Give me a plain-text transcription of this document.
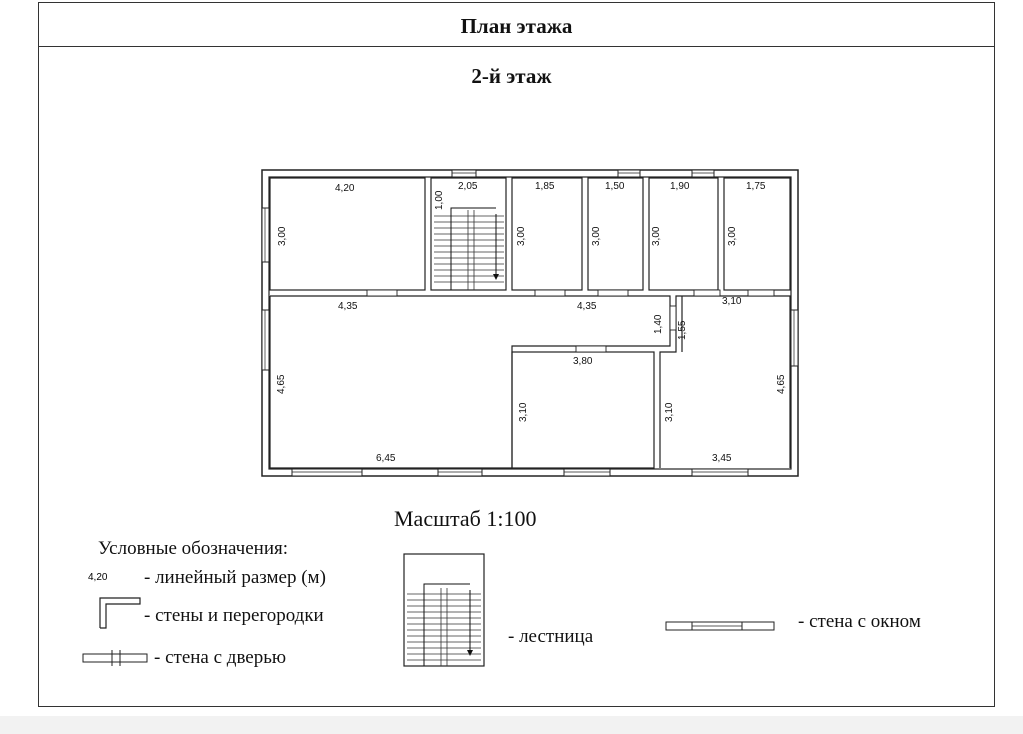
План этажа
2-й этаж
4,20
3,00
2,05
1,00
1,85
3,00
1,50
3,00
1,90
3,00
1,75
3,00
4,35	4,35
1,40 1,55
3,10
4,65
6,45
3,80
3,10	3,10
4,65
3,45
Условные обозначения:
4,20 - линейный размер (м)
- стены и перегородки
- стена с дверью
- лестница
- стена с окном
Масштаб 1:100
